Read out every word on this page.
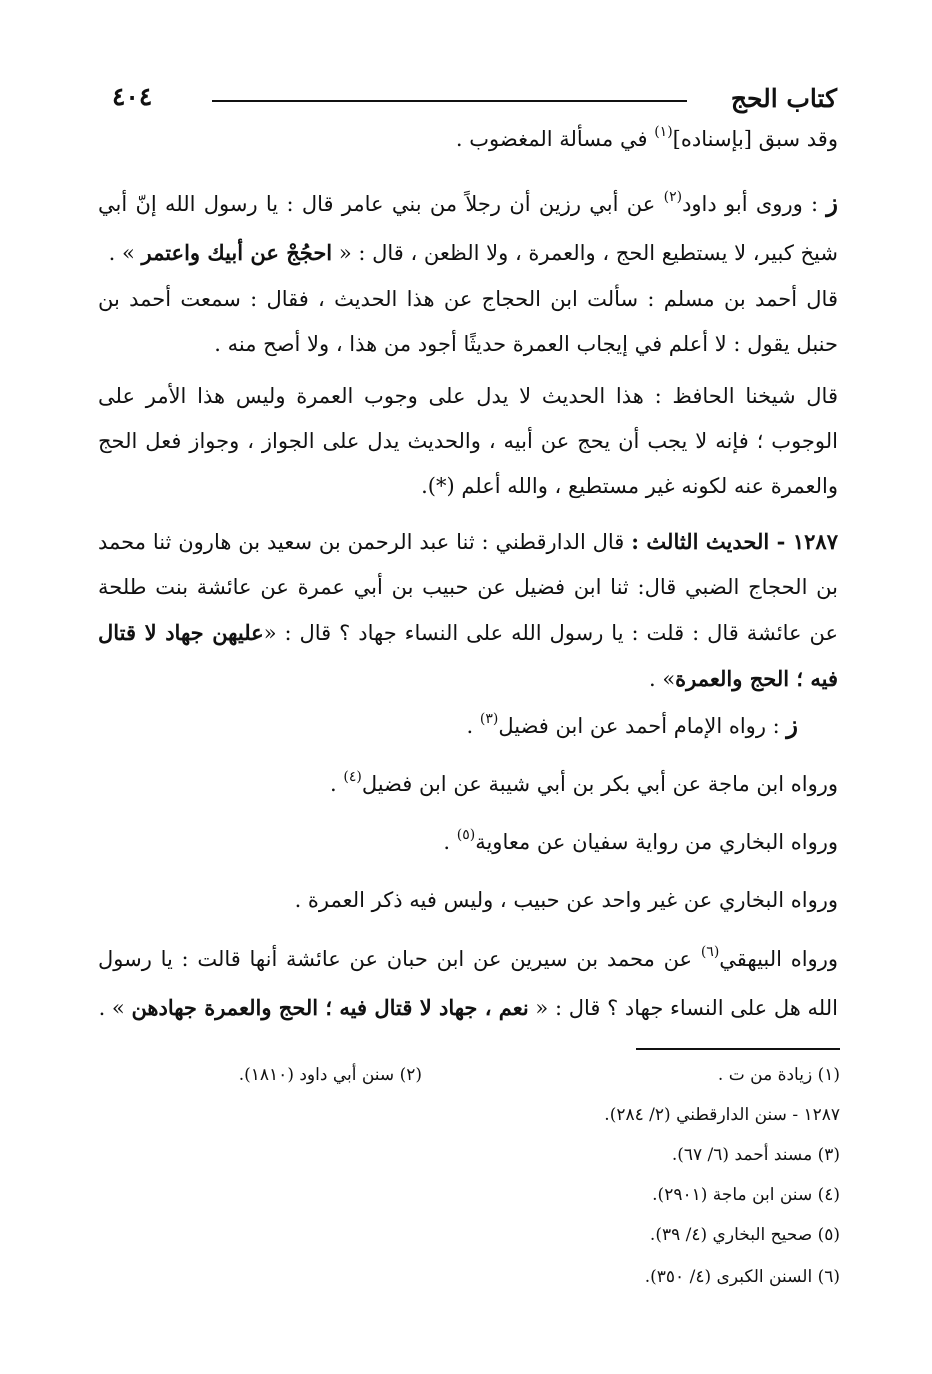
كتاب الحج
٤٠٤
وقد سبق [بإسناده]$^{(١)}$ في مسألة المغضوب .
ز : وروى أبو داود$^{(٢)}$ عن أبي رزين أن رجلاً من بني عامر قال : يا رسول الله إنّ أبي شيخ كبير، لا يستطيع الحج ، والعمرة ، ولا الظعن ، قال : « احجُجْ عن أبيك واعتمر » .
قال أحمد بن مسلم : سألت ابن الحجاج عن هذا الحديث ، فقال : سمعت أحمد بن حنبل يقول : لا أعلم في إيجاب العمرة حديثًا أجود من هذا ، ولا أصح منه .
قال شيخنا الحافظ : هذا الحديث لا يدل على وجوب العمرة وليس هذا الأمر على الوجوب ؛ فإنه لا يجب أن يحج عن أبيه ، والحديث يدل على الجواز ، وجواز فعل الحج والعمرة عنه لكونه غير مستطيع ، والله أعلم (*).
١٢٨٧ - الحديث الثالث : قال الدارقطني : ثنا عبد الرحمن بن سعيد بن هارون ثنا محمد بن الحجاج الضبي قال: ثنا ابن فضيل عن حبيب بن أبي عمرة عن عائشة بنت طلحة عن عائشة قال : قلت : يا رسول الله على النساء جهاد ؟ قال : «عليهن جهاد لا قتال فيه ؛ الحج والعمرة» .
ز : رواه الإمام أحمد عن ابن فضيل$^{(٣)}$ .
ورواه ابن ماجة عن أبي بكر بن أبي شيبة عن ابن فضيل$^{(٤)}$ .
ورواه البخاري من رواية سفيان عن معاوية$^{(٥)}$ .
ورواه البخاري عن غير واحد عن حبيب ، وليس فيه ذكر العمرة .
ورواه البيهقي$^{(٦)}$ عن محمد بن سيرين عن ابن حبان عن عائشة أنها قالت : يا رسول الله هل على النساء جهاد ؟ قال : « نعم ، جهاد لا قتال فيه ؛ الحج والعمرة جهادهن » .
(١) زيادة من ت .
(٢) سنن أبي داود (١٨١٠).
١٢٨٧ - سنن الدارقطني (٢/ ٢٨٤).
(٣) مسند أحمد (٦/ ٦٧).
(٤) سنن ابن ماجة (٢٩٠١).
(٥) صحيح البخاري (٤/ ٣٩).
(٦) السنن الكبرى (٤/ ٣٥٠).
